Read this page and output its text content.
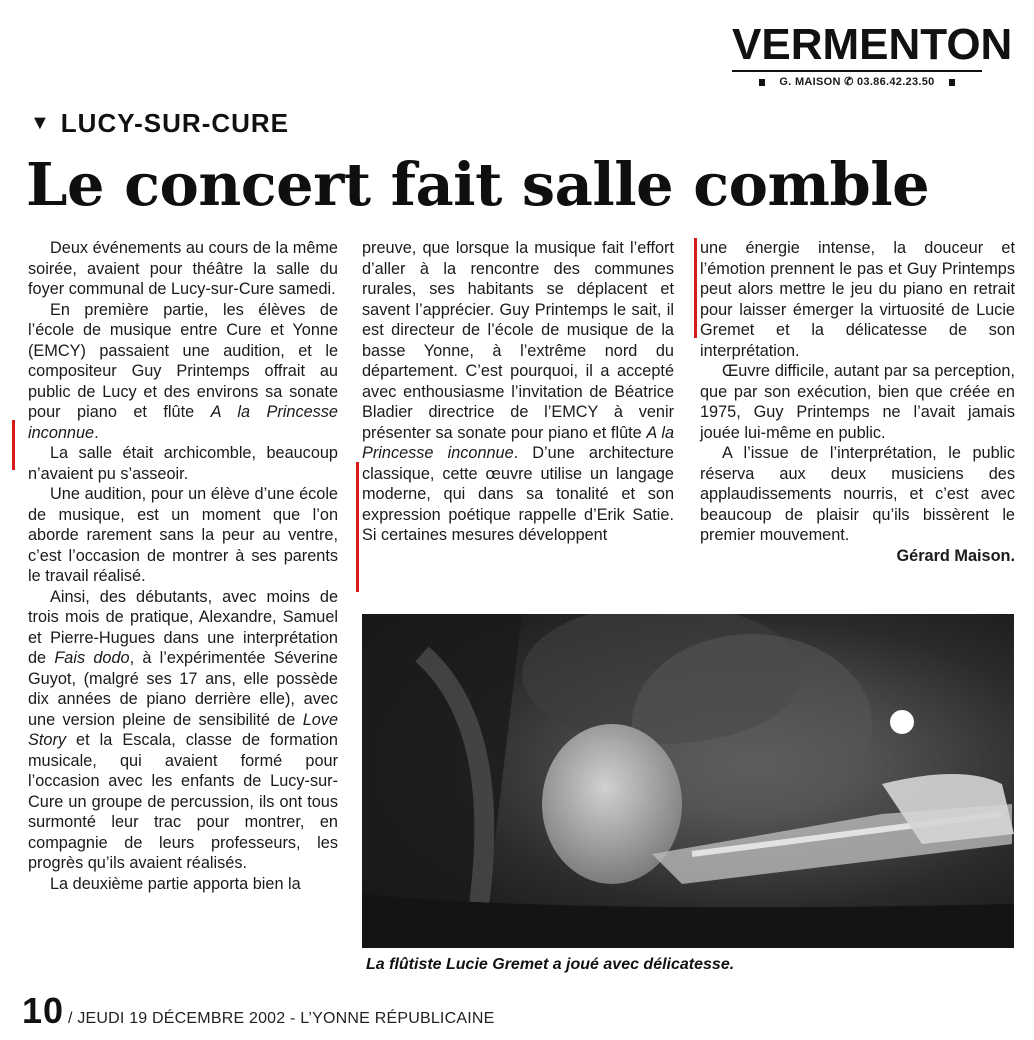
VERMENTON
G. MAISON ✆ 03.86.42.23.50
▼ LUCY-SUR-CURE
Le concert fait salle comble

Deux événements au cours de la même soirée, avaient pour théâtre la salle du foyer communal de Lucy-sur-Cure samedi.

En première partie, les élèves de l’école de musique entre Cure et Yonne (EMCY) passaient une audition, et le compositeur Guy Printemps offrait au public de Lucy et des environs sa sonate pour piano et flûte A la Princesse inconnue.

La salle était archicomble, beaucoup n’avaient pu s’asseoir.

Une audition, pour un élève d’une école de musique, est un moment que l’on aborde rarement sans la peur au ventre, c’est l’occasion de montrer à ses parents le travail réalisé.

Ainsi, des débutants, avec moins de trois mois de pratique, Alexandre, Samuel et Pierre-Hugues dans une interprétation de Fais dodo, à l’expérimentée Séverine Guyot, (malgré ses 17 ans, elle possède dix années de piano derrière elle), avec une version pleine de sensibilité de Love Story et la Escala, classe de formation musicale, qui avaient formé pour l’occasion avec les enfants de Lucy-sur-Cure un groupe de percussion, ils ont tous surmonté leur trac pour montrer, en compagnie de leurs professeurs, les progrès qu’ils avaient réalisés.

La deuxième partie apporta bien la

preuve, que lorsque la musique fait l’effort d’aller à la rencontre des communes rurales, ses habitants se déplacent et savent l’apprécier. Guy Printemps le sait, il est directeur de l’école de musique de la basse Yonne, à l’extrême nord du département. C’est pourquoi, il a accepté avec enthousiasme l’invitation de Béatrice Bladier directrice de l’EMCY à venir présenter sa sonate pour piano et flûte A la Princesse inconnue. D’une architecture classique, cette œuvre utilise un langage moderne, qui dans sa tonalité et son expression poétique rappelle d’Erik Satie. Si certaines mesures développent

une énergie intense, la douceur et l’émotion prennent le pas et Guy Printemps peut alors mettre le jeu du piano en retrait pour laisser émerger la virtuosité de Lucie Gremet et la délicatesse de son interprétation.

Œuvre difficile, autant par sa perception, que par son exécution, bien que créée en 1975, Guy Printemps ne l’avait jamais jouée lui-même en public.

A l’issue de l’interprétation, le public réserva aux deux musiciens des applaudissements nourris, et c’est avec beaucoup de plaisir qu’ils bissèrent le premier mouvement.

Gérard Maison.

La flûtiste Lucie Gremet a joué avec délicatesse.
10 / JEUDI 19 DÉCEMBRE 2002 - L’YONNE RÉPUBLICAINE
